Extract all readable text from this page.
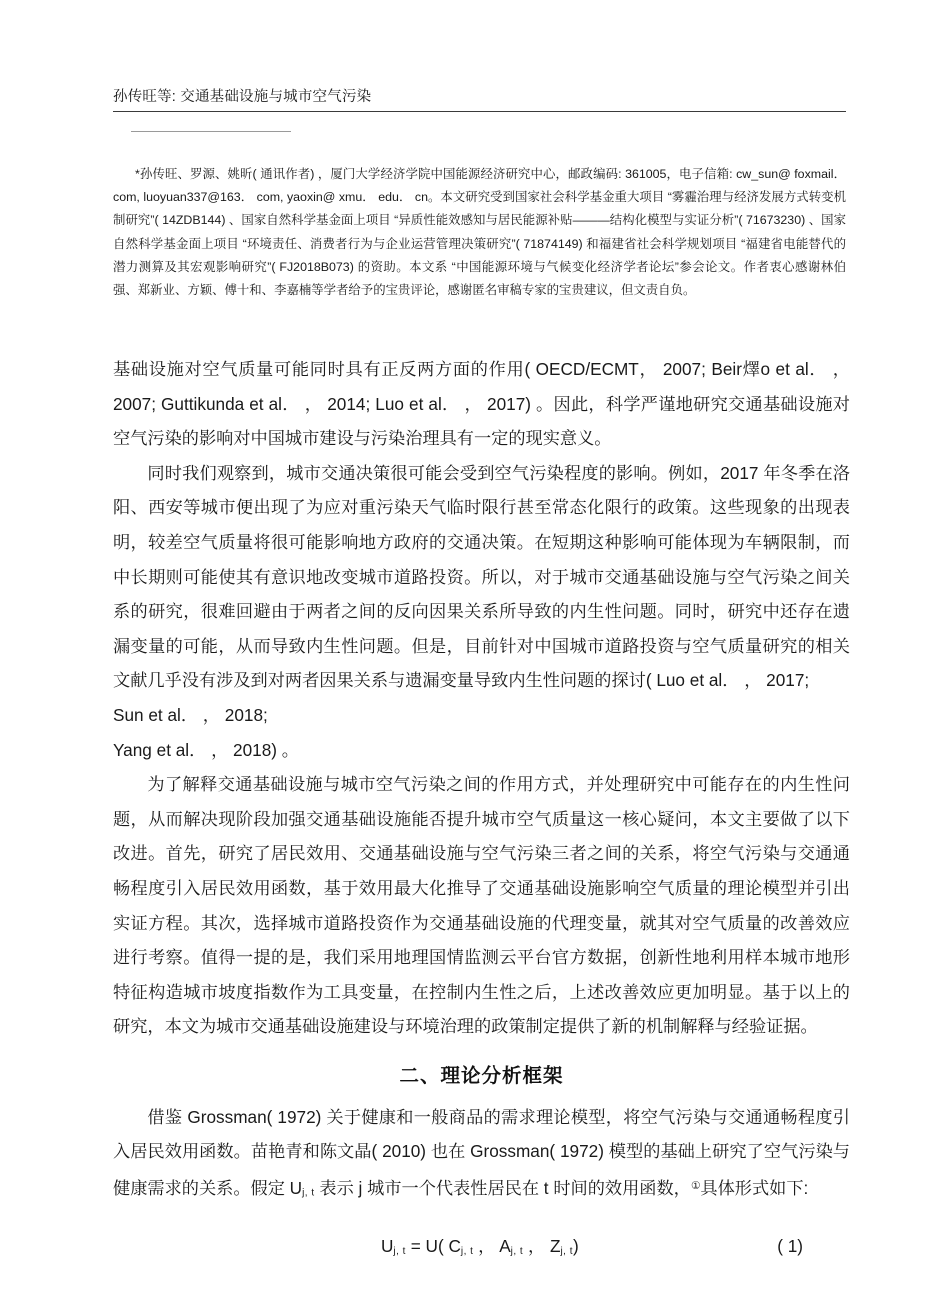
孙传旺等: 交通基础设施与城市空气污染
*孙传旺、罗源、姚昕( 通讯作者) ，厦门大学经济学院中国能源经济研究中心，邮政编码: 361005，电子信箱: cw_sun@ foxmail． com, luoyuan337@163． com, yaoxin@ xmu． edu． cn。本文研究受到国家社会科学基金重大项目 “雾霾治理与经济发展方式转变机制研究”( 14ZDB144) 、国家自然科学基金面上项目 “异质性能效感知与居民能源补贴———结构化模型与实证分析”( 71673230) 、国家自然科学基金面上项目 “环境责任、消费者行为与企业运营管理决策研究”( 71874149) 和福建省社会科学规划项目 “福建省电能替代的潜力测算及其宏观影响研究”( FJ2018B073) 的资助。本文系 “中国能源环境与气候变化经济学者论坛”参会论文。作者衷心感谢林伯强、郑新业、方颖、傅十和、李嘉楠等学者给予的宝贵评论，感谢匿名审稿专家的宝贵建议，但文责自负。

基础设施对空气质量可能同时具有正反两方面的作用( OECD/ECMT， 2007; Beir燡o et al． ， 2007; Guttikunda et al． ， 2014; Luo et al． ， 2017) 。因此，科学严谨地研究交通基础设施对空气污染的影响对中国城市建设与污染治理具有一定的现实意义。

同时我们观察到，城市交通决策很可能会受到空气污染程度的影响。例如，2017 年冬季在洛阳、西安等城市便出现了为应对重污染天气临时限行甚至常态化限行的政策。这些现象的出现表明，较差空气质量将很可能影响地方政府的交通决策。在短期这种影响可能体现为车辆限制，而中长期则可能使其有意识地改变城市道路投资。所以，对于城市交通基础设施与空气污染之间关系的研究，很难回避由于两者之间的反向因果关系所导致的内生性问题。同时，研究中还存在遗漏变量的可能，从而导致内生性问题。但是，目前针对中国城市道路投资与空气质量研究的相关文献几乎没有涉及到对两者因果关系与遗漏变量导致内生性问题的探讨( Luo et al． ， 2017;

Sun et al． ， 2018;
Yang et al． ， 2018) 。

为了解释交通基础设施与城市空气污染之间的作用方式，并处理研究中可能存在的内生性问题，从而解决现阶段加强交通基础设施能否提升城市空气质量这一核心疑问，本文主要做了以下改进。首先，研究了居民效用、交通基础设施与空气污染三者之间的关系，将空气污染与交通通畅程度引入居民效用函数，基于效用最大化推导了交通基础设施影响空气质量的理论模型并引出实证方程。其次，选择城市道路投资作为交通基础设施的代理变量，就其对空气质量的改善效应进行考察。值得一提的是，我们采用地理国情监测云平台官方数据，创新性地利用样本城市地形特征构造城市坡度指数作为工具变量，在控制内生性之后，上述改善效应更加明显。基于以上的研究，本文为城市交通基础设施建设与环境治理的政策制定提供了新的机制解释与经验证据。

二、理论分析框架

借鉴 Grossman( 1972) 关于健康和一般商品的需求理论模型，将空气污染与交通通畅程度引入居民效用函数。苗艳青和陈文晶( 2010) 也在 Grossman( 1972) 模型的基础上研究了空气污染与健康需求的关系。假定 $U_{j, t}$ 表示 j 城市一个代表性居民在 t 时间的效用函数，①具体形式如下:

$U_{j, t} = U$( $C_{j, t}$ ， $A_{j, t}$ ， $Z_{j, t}$)	( 1)
